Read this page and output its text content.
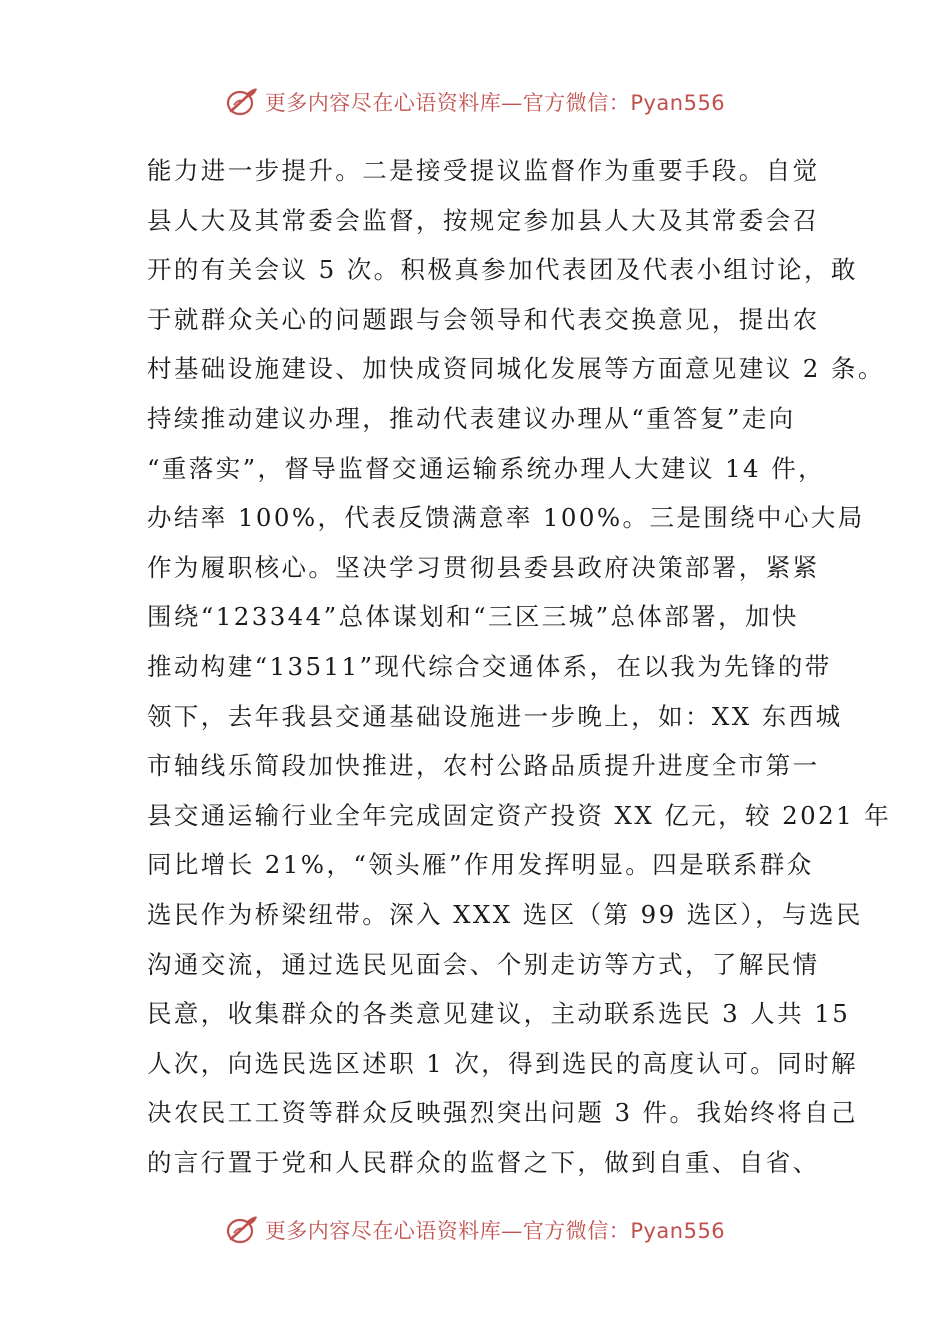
更多内容尽在心语资料库—官方微信：Pyan556
能力进一步提升。二是接受提议监督作为重要手段。自觉
县人大及其常委会监督，按规定参加县人大及其常委会召
开的有关会议 5 次。积极真参加代表团及代表小组讨论，敢
于就群众关心的问题跟与会领导和代表交换意见，提出农
村基础设施建设、加快成资同城化发展等方面意见建议 2 条。
持续推动建议办理，推动代表建议办理从“重答复”走向
“重落实”，督导监督交通运输系统办理人大建议 14 件，
办结率 100%，代表反馈满意率 100%。三是围绕中心大局
作为履职核心。坚决学习贯彻县委县政府决策部署，紧紧
围绕“123344”总体谋划和“三区三城”总体部署，加快
推动构建“13511”现代综合交通体系，在以我为先锋的带
领下，去年我县交通基础设施进一步晚上，如：XX 东西城
市轴线乐简段加快推进，农村公路品质提升进度全市第一
县交通运输行业全年完成固定资产投资 XX 亿元，较 2021 年
同比增长 21%，“领头雁”作用发挥明显。四是联系群众
选民作为桥梁纽带。深入 XXX 选区（第 99 选区），与选民
沟通交流，通过选民见面会、个别走访等方式，了解民情
民意，收集群众的各类意见建议，主动联系选民 3 人共 15
人次，向选民选区述职 1 次，得到选民的高度认可。同时解
决农民工工资等群众反映强烈突出问题 3 件。我始终将自己
的言行置于党和人民群众的监督之下，做到自重、自省、
更多内容尽在心语资料库—官方微信：Pyan556
